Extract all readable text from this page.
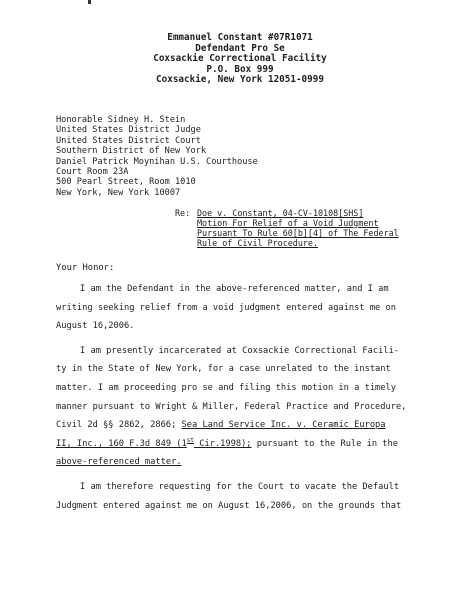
Emmanuel Constant #07R1071
Defendant Pro Se
Coxsackie Correctional Facility
P.O. Box 999
Coxsackie, New York 12051-0999
Honorable Sidney H. Stein
United States District Judge
United States District Court
Southern District of New York
Daniel Patrick Moynihan U.S. Courthouse
Court Room 23A
500 Pearl Street, Room 1010
New York, New York 10007
Re: Doe v. Constant, 04-CV-10108[SHS]
Motion For Relief of a Void Judgment
Pursuant To Rule 60[b][4] of The Federal
Rule of Civil Procedure.
Your Honor:
I am the Defendant in the above-referenced matter, and I am
writing seeking relief from a void judgment entered against me on
August 16,2006.
I am presently incarcerated at Coxsackie Correctional Facili-
ty in the State of New York, for a case unrelated to the instant
matter. I am proceeding pro se and filing this motion in a timely
manner pursuant to Wright & Miller, Federal Practice and Procedure,
Civil 2d §§ 2862, 2866; Sea Land Service Inc. v. Ceramic Europa
II, Inc., 160 F.3d 849 (1st Cir.1998); pursuant to the Rule in the
above-referenced matter.
I am therefore requesting for the Court to vacate the Default
Judgment entered against me on August 16,2006, on the grounds that
